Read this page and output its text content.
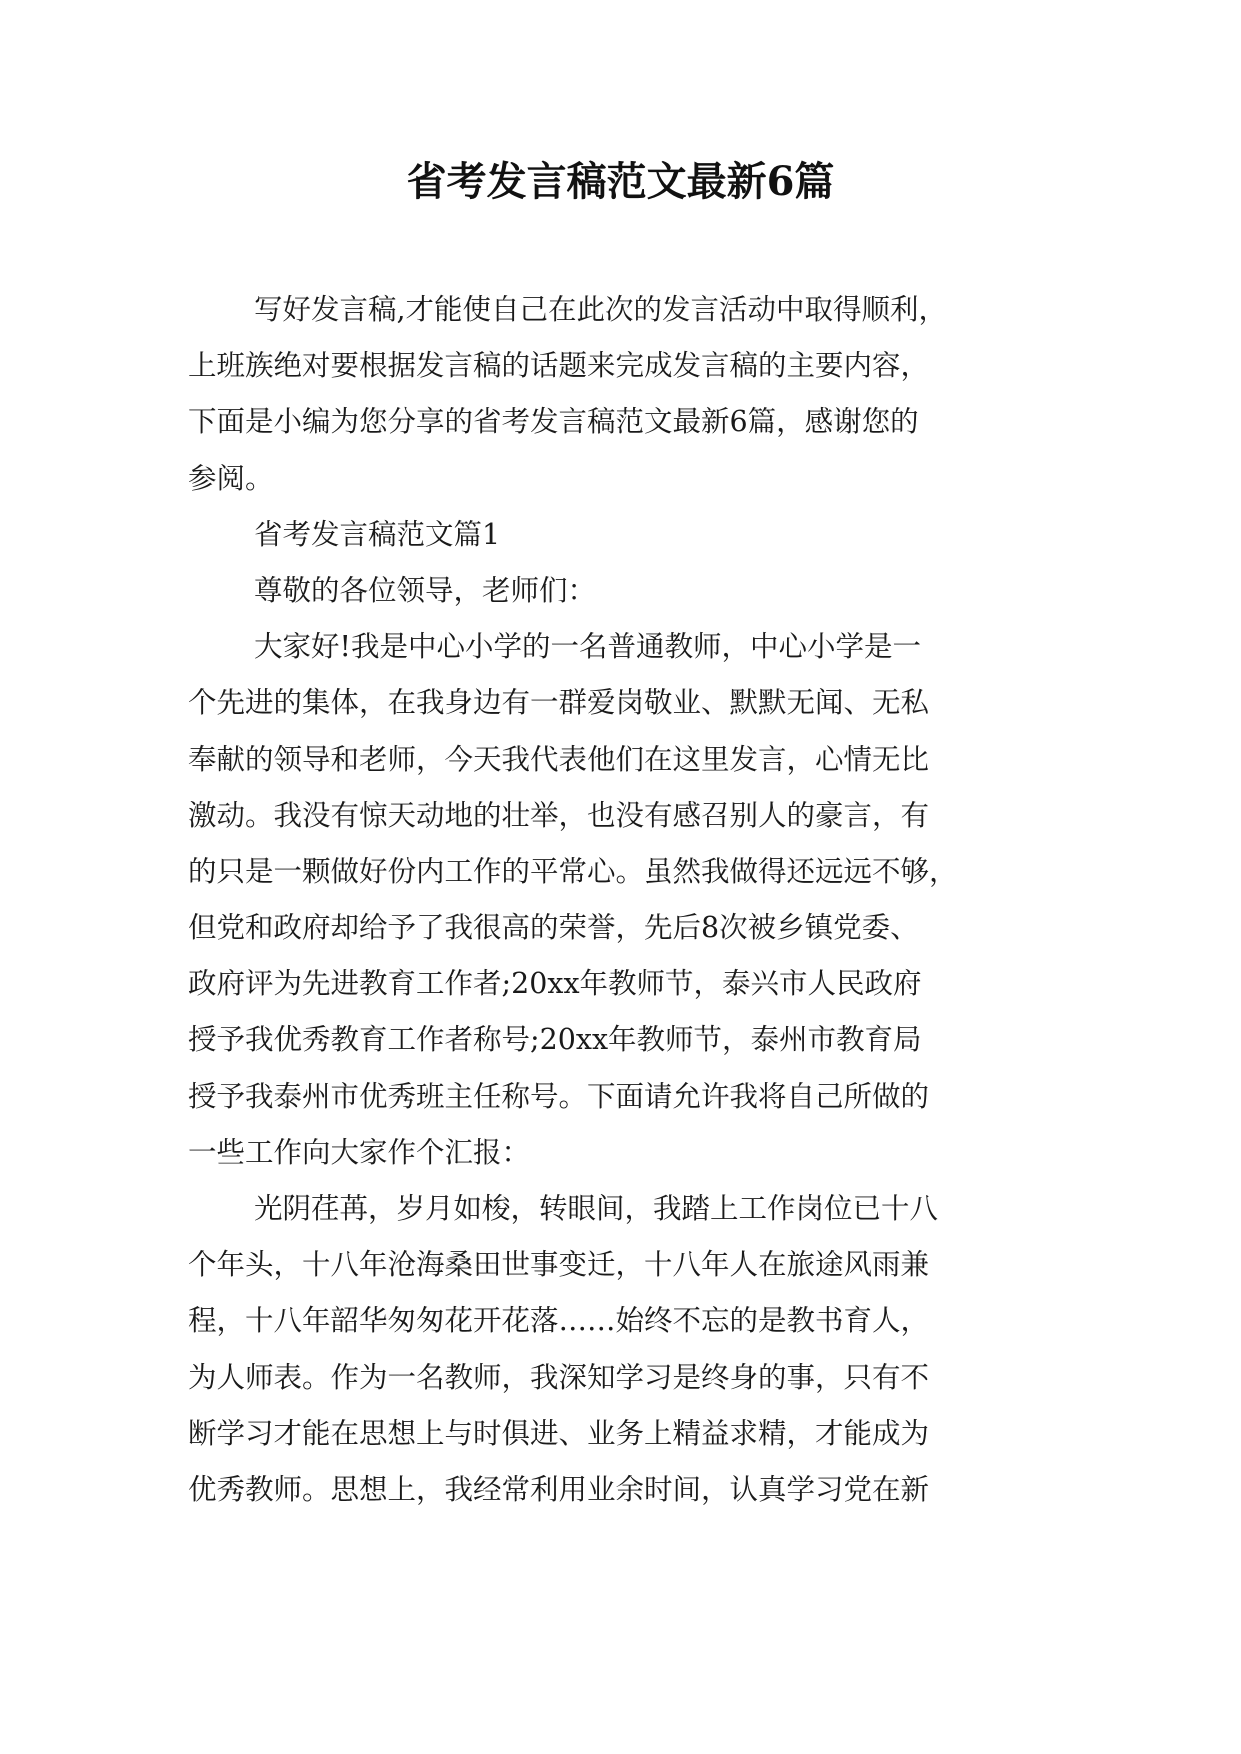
省考发言稿范文最新6篇
写好发言稿,才能使自己在此次的发言活动中取得顺利，
上班族绝对要根据发言稿的话题来完成发言稿的主要内容，
下面是小编为您分享的省考发言稿范文最新6篇，感谢您的
参阅。
省考发言稿范文篇1
尊敬的各位领导，老师们：
大家好!我是中心小学的一名普通教师，中心小学是一
个先进的集体，在我身边有一群爱岗敬业、默默无闻、无私
奉献的领导和老师，今天我代表他们在这里发言，心情无比
激动。我没有惊天动地的壮举，也没有感召别人的豪言，有
的只是一颗做好份内工作的平常心。虽然我做得还远远不够，
但党和政府却给予了我很高的荣誉，先后8次被乡镇党委、
政府评为先进教育工作者;20xx年教师节，泰兴市人民政府
授予我优秀教育工作者称号;20xx年教师节，泰州市教育局
授予我泰州市优秀班主任称号。下面请允许我将自己所做的
一些工作向大家作个汇报：
光阴荏苒，岁月如梭，转眼间，我踏上工作岗位已十八
个年头，十八年沧海桑田世事变迁，十八年人在旅途风雨兼
程，十八年韶华匆匆花开花落……始终不忘的是教书育人，
为人师表。作为一名教师，我深知学习是终身的事，只有不
断学习才能在思想上与时俱进、业务上精益求精，才能成为
优秀教师。思想上，我经常利用业余时间，认真学习党在新
